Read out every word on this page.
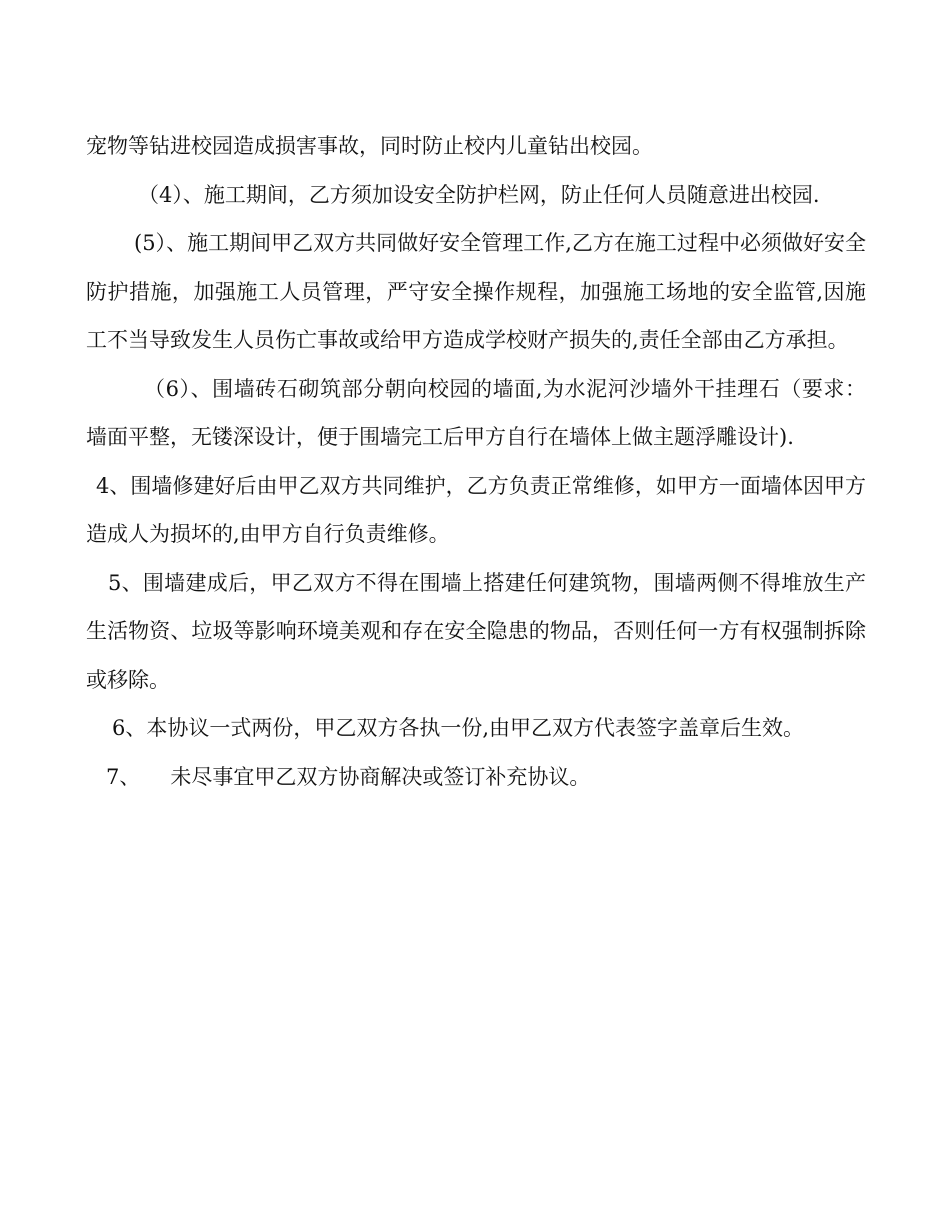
宠物等钻进校园造成损害事故，同时防止校内儿童钻出校园。

（4）、施工期间，乙方须加设安全防护栏网，防止任何人员随意进出校园.

(5）、施工期间甲乙双方共同做好安全管理工作,乙方在施工过程中必须做好安全防护措施，加强施工人员管理，严守安全操作规程，加强施工场地的安全监管,因施工不当导致发生人员伤亡事故或给甲方造成学校财产损失的,责任全部由乙方承担。

（6）、围墙砖石砌筑部分朝向校园的墙面,为水泥河沙墙外干挂理石（要求：墙面平整，无镂深设计，便于围墙完工后甲方自行在墙体上做主题浮雕设计).

4、围墙修建好后由甲乙双方共同维护，乙方负责正常维修，如甲方一面墙体因甲方造成人为损坏的,由甲方自行负责维修。

5、围墙建成后，甲乙双方不得在围墙上搭建任何建筑物，围墙两侧不得堆放生产生活物资、垃圾等影响环境美观和存在安全隐患的物品，否则任何一方有权强制拆除或移除。

6、本协议一式两份，甲乙双方各执一份,由甲乙双方代表签字盖章后生效。

7、 未尽事宜甲乙双方协商解决或签订补充协议。
